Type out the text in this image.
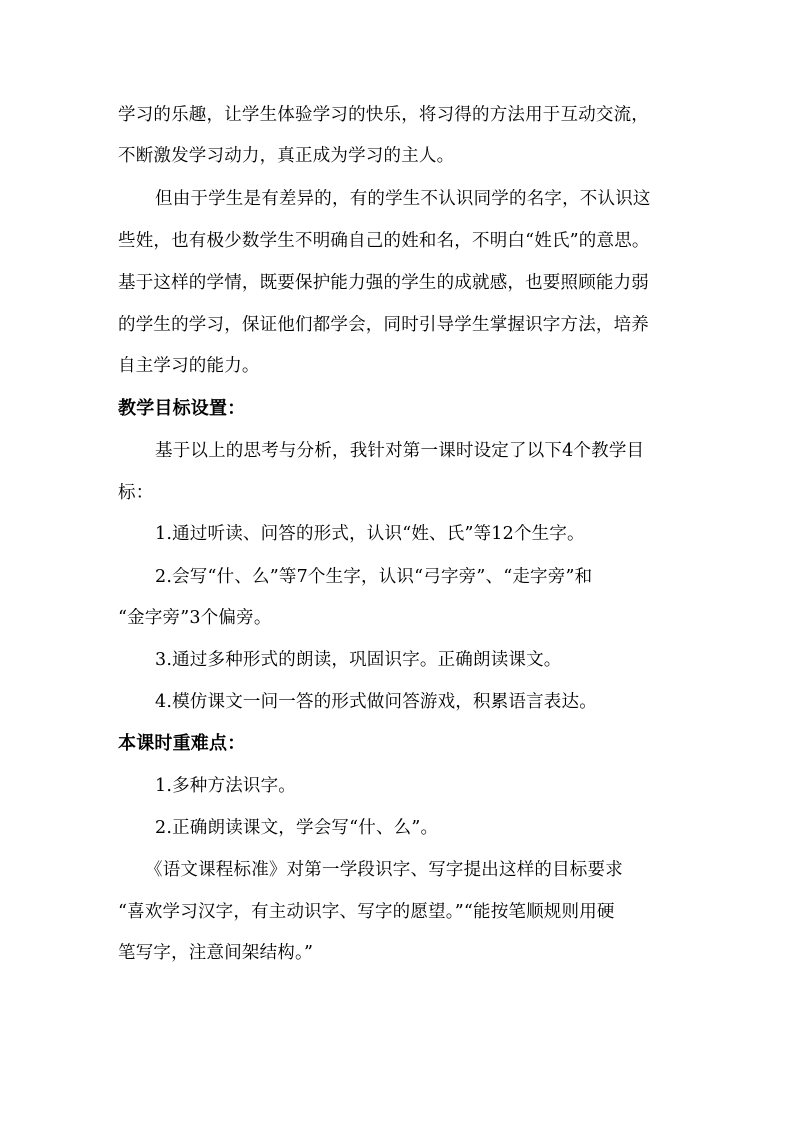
学习的乐趣，让学生体验学习的快乐，将习得的方法用于互动交流，
不断激发学习动力，真正成为学习的主人。
但由于学生是有差异的，有的学生不认识同学的名字，不认识这
些姓，也有极少数学生不明确自己的姓和名，不明白“姓氏”的意思。
基于这样的学情，既要保护能力强的学生的成就感，也要照顾能力弱
的学生的学习，保证他们都学会，同时引导学生掌握识字方法，培养
自主学习的能力。
教学目标设置：
基于以上的思考与分析，我针对第一课时设定了以下4个教学目
标：
1.通过听读、问答的形式，认识“姓、氏”等12个生字。
2.会写“什、么”等7个生字，认识“弓字旁”、“走字旁”和
“金字旁”3个偏旁。
3.通过多种形式的朗读，巩固识字。正确朗读课文。
4.模仿课文一问一答的形式做问答游戏，积累语言表达。
本课时重难点：
1.多种方法识字。
2.正确朗读课文，学会写“什、么”。
《语文课程标准》对第一学段识字、写字提出这样的目标要求
“喜欢学习汉字，有主动识字、写字的愿望。”“能按笔顺规则用硬
笔写字，注意间架结构。”
